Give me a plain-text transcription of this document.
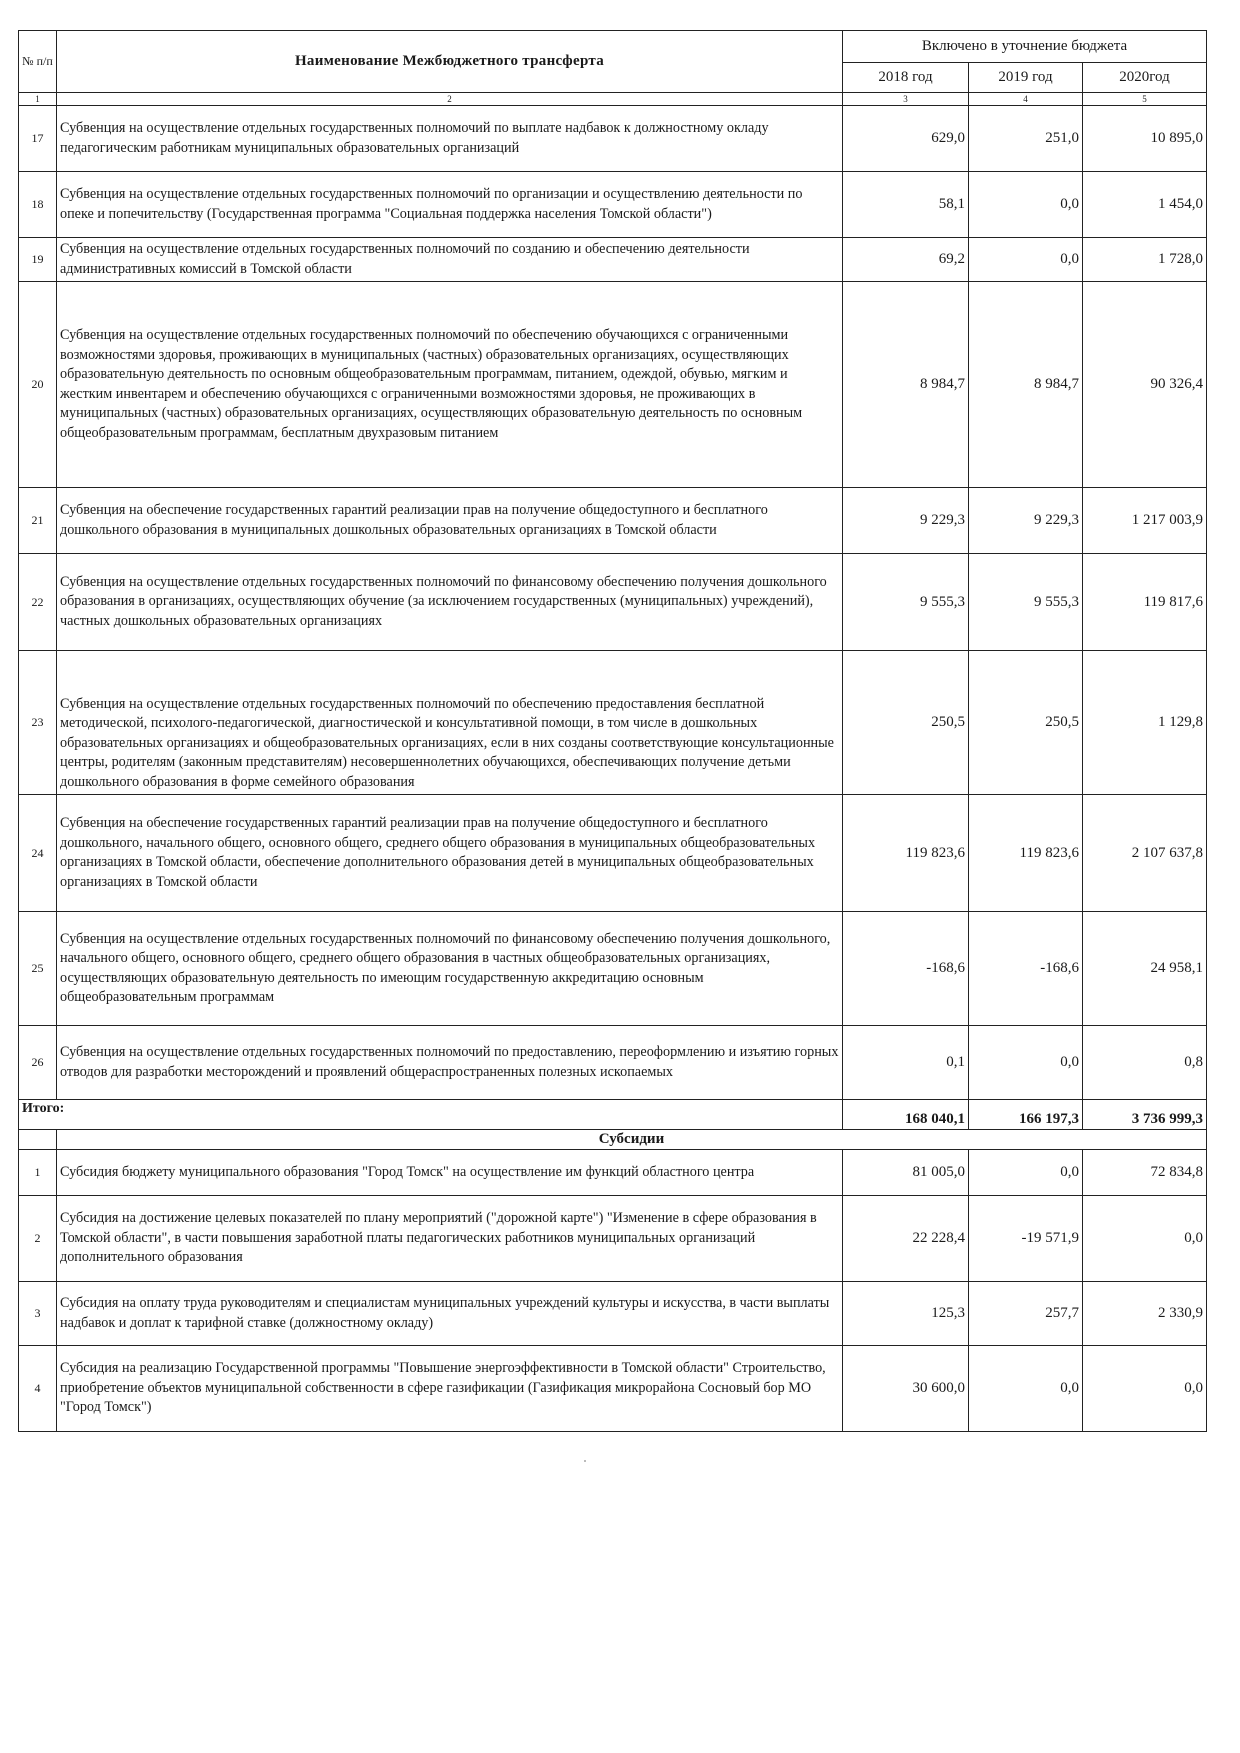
№ п/п	Наименование Межбюджетного трансферта	Включено в уточнение бюджета		
		2018 год	2019 год	2020год
1	2	3	4	5
17	Субвенция на осуществление отдельных государственных полномочий по выплате надбавок к должностному окладу педагогическим работникам муниципальных образовательных организаций	629,0	251,0	10 895,0
18	Субвенция на осуществление отдельных государственных полномочий по организации и осуществлению деятельности по опеке и попечительству (Государственная программа "Социальная поддержка населения Томской области")	58,1	0,0	1 454,0
19	Субвенция на осуществление отдельных государственных полномочий по созданию и обеспечению деятельности административных комиссий в Томской области	69,2	0,0	1 728,0
20	Субвенция на осуществление отдельных государственных полномочий по обеспечению обучающихся с ограниченными возможностями здоровья, проживающих в муниципальных (частных) образовательных организациях, осуществляющих образовательную деятельность по основным общеобразовательным программам, питанием, одеждой, обувью, мягким и жестким инвентарем и обеспечению обучающихся с ограниченными возможностями здоровья, не проживающих в муниципальных (частных) образовательных организациях, осуществляющих образовательную деятельность по основным общеобразовательным программам, бесплатным двухразовым питанием	8 984,7	8 984,7	90 326,4
21	Субвенция на обеспечение государственных гарантий реализации прав на получение общедоступного и бесплатного дошкольного образования в муниципальных дошкольных образовательных организациях в Томской области	9 229,3	9 229,3	1 217 003,9
22	Субвенция на осуществление отдельных государственных полномочий по финансовому обеспечению получения дошкольного образования в организациях, осуществляющих обучение (за исключением государственных (муниципальных) учреждений), частных дошкольных образовательных организациях	9 555,3	9 555,3	119 817,6
23	Субвенция на осуществление отдельных государственных полномочий по обеспечению предоставления бесплатной методической, психолого-педагогической, диагностической и консультативной помощи, в том числе в дошкольных образовательных организациях и общеобразовательных организациях, если в них созданы соответствующие консультационные центры, родителям (законным представителям) несовершеннолетних обучающихся, обеспечивающих получение детьми дошкольного образования в форме семейного образования	250,5	250,5	1 129,8
24	Субвенция на обеспечение государственных гарантий реализации прав на получение общедоступного и бесплатного дошкольного, начального общего, основного общего, среднего общего образования в муниципальных общеобразовательных организациях в Томской области, обеспечение дополнительного образования детей в муниципальных общеобразовательных организациях в Томской области	119 823,6	119 823,6	2 107 637,8
25	Субвенция на осуществление отдельных государственных полномочий по финансовому обеспечению получения дошкольного, начального общего, основного общего, среднего общего образования в частных общеобразовательных организациях, осуществляющих образовательную деятельность по имеющим государственную аккредитацию основным общеобразовательным программам	-168,6	-168,6	24 958,1
26	Субвенция на осуществление отдельных государственных полномочий по предоставлению, переоформлению и изъятию горных отводов для разработки месторождений и проявлений общераспространенных полезных ископаемых	0,1	0,0	0,8
Итого:		168 040,1	166 197,3	3 736 999,3
	Субсидии			
1	Субсидия бюджету муниципального образования "Город Томск" на осуществление им функций областного центра	81 005,0	0,0	72 834,8
2	Субсидия на достижение целевых показателей по плану мероприятий ("дорожной карте") "Изменение в сфере образования в Томской области", в части повышения заработной платы педагогических работников муниципальных организаций дополнительного образования	22 228,4	-19 571,9	0,0
3	Субсидия на оплату труда руководителям и специалистам муниципальных учреждений культуры и искусства, в части выплаты надбавок и доплат к тарифной ставке (должностному окладу)	125,3	257,7	2 330,9
4	Субсидия на реализацию Государственной программы "Повышение энергоэффективности в Томской области" Строительство, приобретение объектов муниципальной собственности в сфере газификации (Газификация микрорайона Сосновый бор МО "Город Томск")	30 600,0	0,0	0,0
